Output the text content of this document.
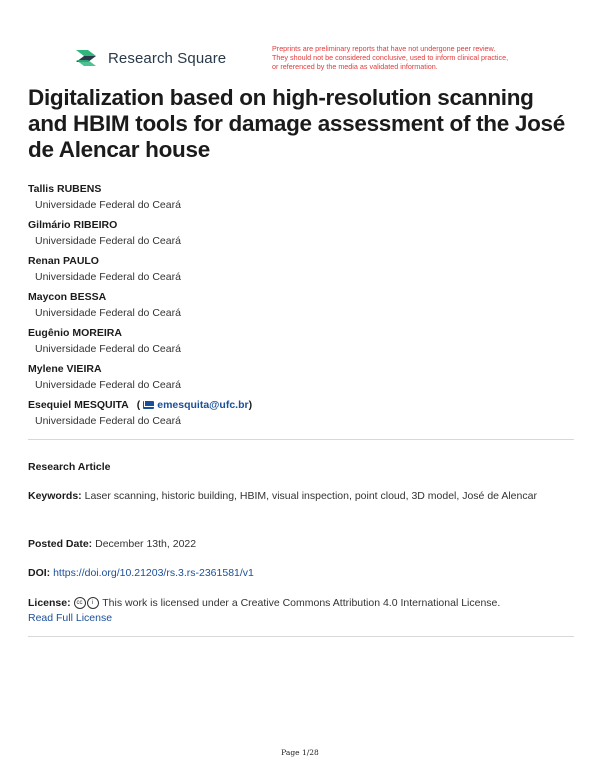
Research Square
Preprints are preliminary reports that have not undergone peer review.
They should not be considered conclusive, used to inform clinical practice,
or referenced by the media as validated information.
Digitalization based on high-resolution scanning and HBIM tools for damage assessment of the José de Alencar house
Tallis RUBENS
Universidade Federal do Ceará
Gilmário RIBEIRO
Universidade Federal do Ceará
Renan PAULO
Universidade Federal do Ceará
Maycon BESSA
Universidade Federal do Ceará
Eugênio MOREIRA
Universidade Federal do Ceará
Mylene VIEIRA
Universidade Federal do Ceará
Esequiel MESQUITA ( emesquita@ufc.br)
Universidade Federal do Ceará
Research Article
Keywords: Laser scanning, historic building, HBIM, visual inspection, point cloud, 3D model, José de Alencar
Posted Date: December 13th, 2022
DOI: https://doi.org/10.21203/rs.3.rs-2361581/v1
License: cc i This work is licensed under a Creative Commons Attribution 4.0 International License.
Read Full License
Page 1/28
